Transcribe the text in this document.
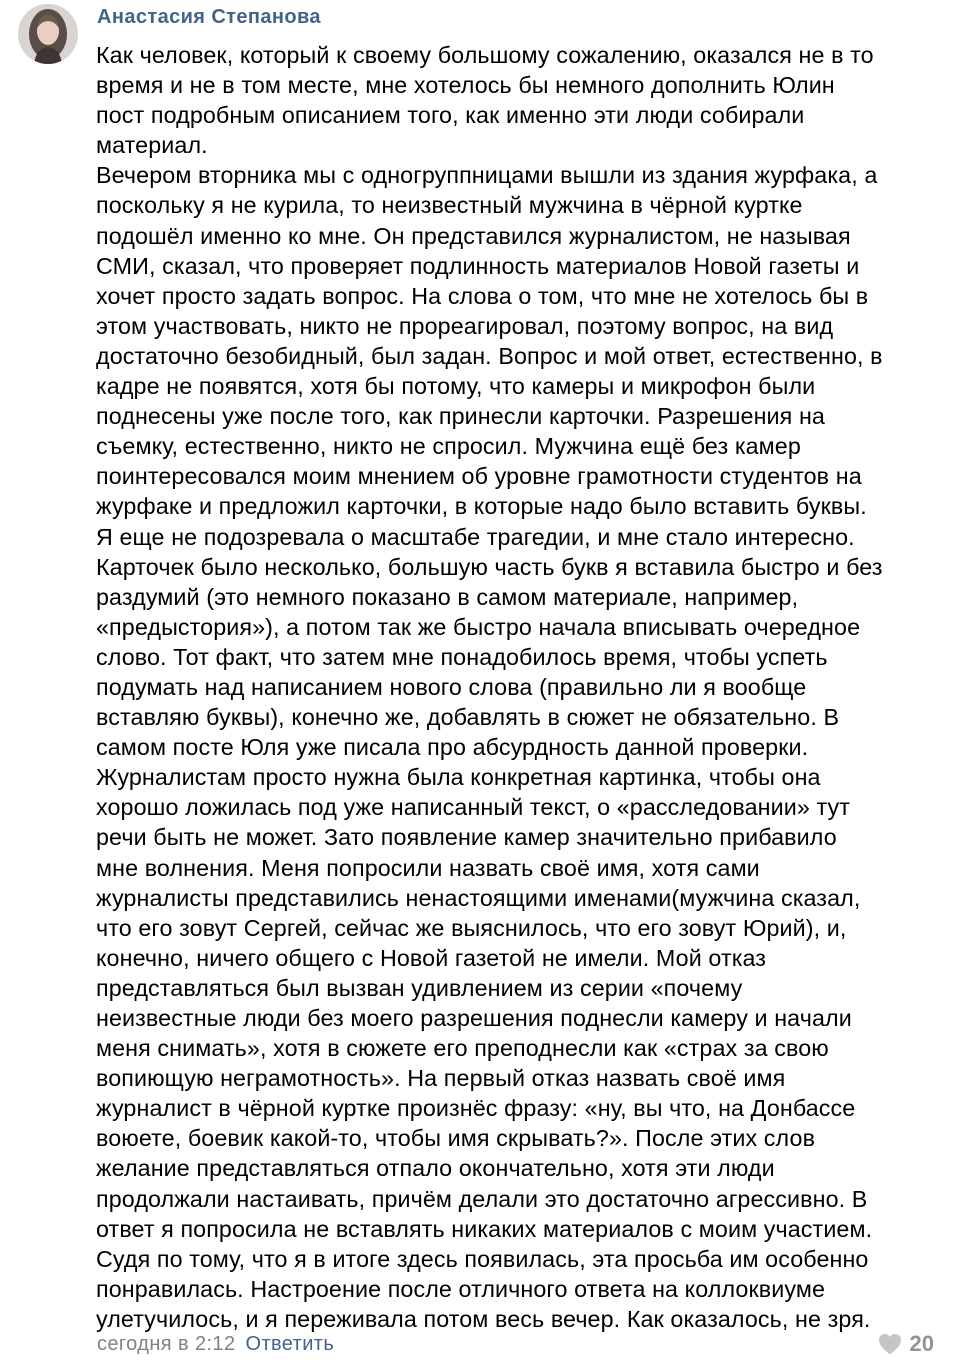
Анастасия Степанова
Как человек, который к своему большому сожалению, оказался не в то
время и не в том месте, мне хотелось бы немного дополнить Юлин
пост подробным описанием того, как именно эти люди собирали
материал.
Вечером вторника мы с одногруппницами вышли из здания журфака, а
поскольку я не курила, то неизвестный мужчина в чёрной куртке
подошёл именно ко мне. Он представился журналистом, не называя
СМИ, сказал, что проверяет подлинность материалов Новой газеты и
хочет просто задать вопрос. На слова о том, что мне не хотелось бы в
этом участвовать, никто не прореагировал, поэтому вопрос, на вид
достаточно безобидный, был задан. Вопрос и мой ответ, естественно, в
кадре не появятся, хотя бы потому, что камеры и микрофон были
поднесены уже после того, как принесли карточки. Разрешения на
съемку, естественно, никто не спросил. Мужчина ещё без камер
поинтересовался моим мнением об уровне грамотности студентов на
журфаке и предложил карточки, в которые надо было вставить буквы.
Я еще не подозревала о масштабе трагедии, и мне стало интересно.
Карточек было несколько, большую часть букв я вставила быстро и без
раздумий (это немного показано в самом материале, например,
«предыстория»), а потом так же быстро начала вписывать очередное
слово. Тот факт, что затем мне понадобилось время, чтобы успеть
подумать над написанием нового слова (правильно ли я вообще
вставляю буквы), конечно же, добавлять в сюжет не обязательно. В
самом посте Юля уже писала про абсурдность данной проверки.
Журналистам просто нужна была конкретная картинка, чтобы она
хорошо ложилась под уже написанный текст, о «расследовании» тут
речи быть не может. Зато появление камер значительно прибавило
мне волнения. Меня попросили назвать своё имя, хотя сами
журналисты представились ненастоящими именами(мужчина сказал,
что его зовут Сергей, сейчас же выяснилось, что его зовут Юрий), и,
конечно, ничего общего с Новой газетой не имели. Мой отказ
представляться был вызван удивлением из серии «почему
неизвестные люди без моего разрешения поднесли камеру и начали
меня снимать», хотя в сюжете его преподнесли как «страх за свою
вопиющую неграмотность». На первый отказ назвать своё имя
журналист в чёрной куртке произнёс фразу: «ну, вы что, на Донбассе
воюете, боевик какой-то, чтобы имя скрывать?». После этих слов
желание представляться отпало окончательно, хотя эти люди
продолжали настаивать, причём делали это достаточно агрессивно. В
ответ я попросила не вставлять никаких материалов с моим участием.
Судя по тому, что я в итоге здесь появилась, эта просьба им особенно
понравилась. Настроение после отличного ответа на коллоквиуме
улетучилось, и я переживала потом весь вечер. Как оказалось, не зря.
сегодня в 2:12 Ответить	20
